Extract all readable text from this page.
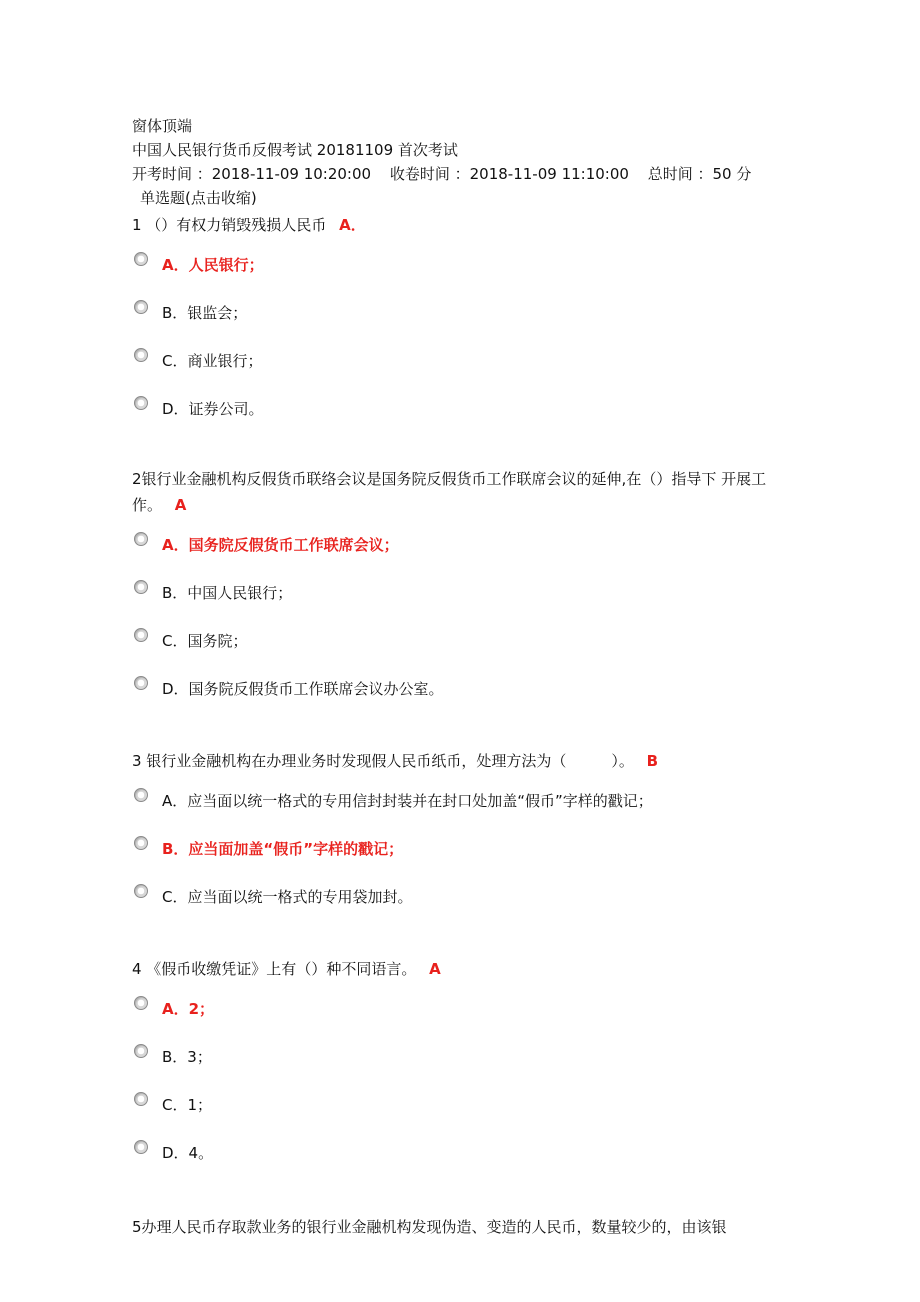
窗体顶端
中国人民银行货币反假考试 20181109 首次考试
开考时间 ：2018-11-09 10:20:00 收卷时间 ：2018-11-09 11:10:00 总时间 ：50 分
单选题(点击收缩)
1 （）有权力销毁残损人民币 A．
A．人民银行；
B．银监会；
C．商业银行；
D．证券公司。
2银行业金融机构反假货币联络会议是国务院反假货币工作联席会议的延伸,在（）指导下 开展工作。 A
A．国务院反假货币工作联席会议；
B．中国人民银行；
C．国务院；
D．国务院反假货币工作联席会议办公室。
3 银行业金融机构在办理业务时发现假人民币纸币，处理方法为（　　　）。 B
A．应当面以统一格式的专用信封封装并在封口处加盖“假币”字样的戳记；
B．应当面加盖“假币”字样的戳记；
C．应当面以统一格式的专用袋加封。
4 《假币收缴凭证》上有（）种不同语言。 A
A．2；
B．3；
C．1；
D．4。
5办理人民币存取款业务的银行业金融机构发现伪造、变造的人民币，数量较少的，由该银
